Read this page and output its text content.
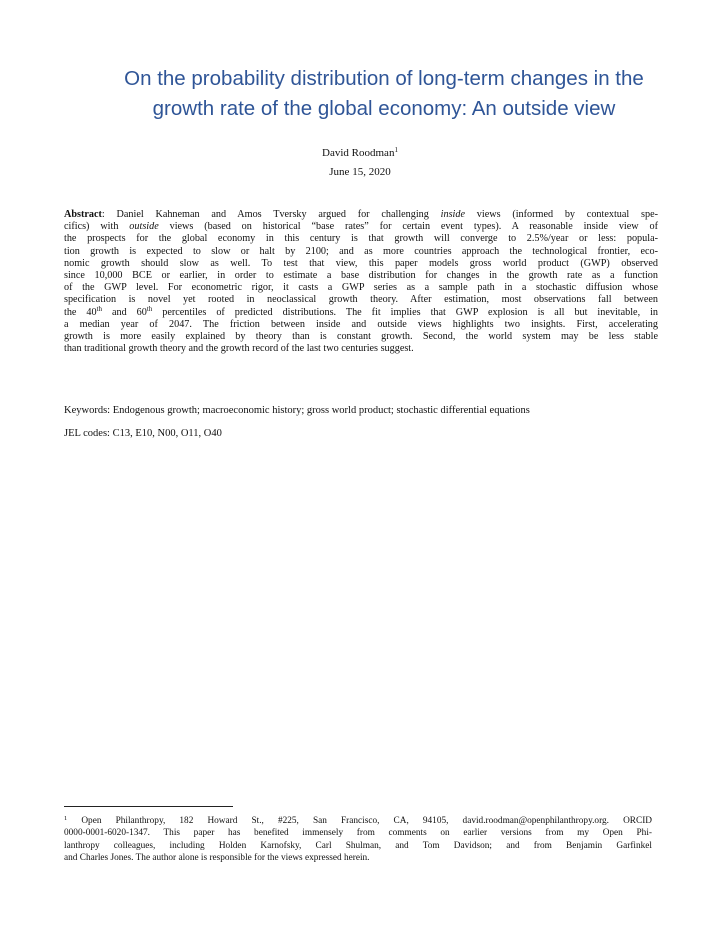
On the probability distribution of long-term changes in the
growth rate of the global economy: An outside view
David Roodman$^1$
June 15, 2020
Abstract: Daniel Kahneman and Amos Tversky argued for challenging inside views (informed by contextual spe-
cifics) with outside views (based on historical “base rates” for certain event types). A reasonable inside view of
the prospects for the global economy in this century is that growth will converge to 2.5%/year or less: popula-
tion growth is expected to slow or halt by 2100; and as more countries approach the technological frontier, eco-
nomic growth should slow as well. To test that view, this paper models gross world product (GWP) observed
since 10,000 BCE or earlier, in order to estimate a base distribution for changes in the growth rate as a function
of the GWP level. For econometric rigor, it casts a GWP series as a sample path in a stochastic diffusion whose
specification is novel yet rooted in neoclassical growth theory. After estimation, most observations fall between
the 40th and 60th percentiles of predicted distributions. The fit implies that GWP explosion is all but inevitable, in
a median year of 2047. The friction between inside and outside views highlights two insights. First, accelerating
growth is more easily explained by theory than is constant growth. Second, the world system may be less stable
than traditional growth theory and the growth record of the last two centuries suggest.
Keywords: Endogenous growth; macroeconomic history; gross world product; stochastic differential equations
JEL codes: C13, E10, N00, O11, O40
$^1$ Open Philanthropy, 182 Howard St., #225, San Francisco, CA, 94105, david.roodman@openphilanthropy.org. ORCID
0000-0001-6020-1347. This paper has benefited immensely from comments on earlier versions from my Open Phi-
lanthropy colleagues, including Holden Karnofsky, Carl Shulman, and Tom Davidson; and from Benjamin Garfinkel
and Charles Jones. The author alone is responsible for the views expressed herein.
